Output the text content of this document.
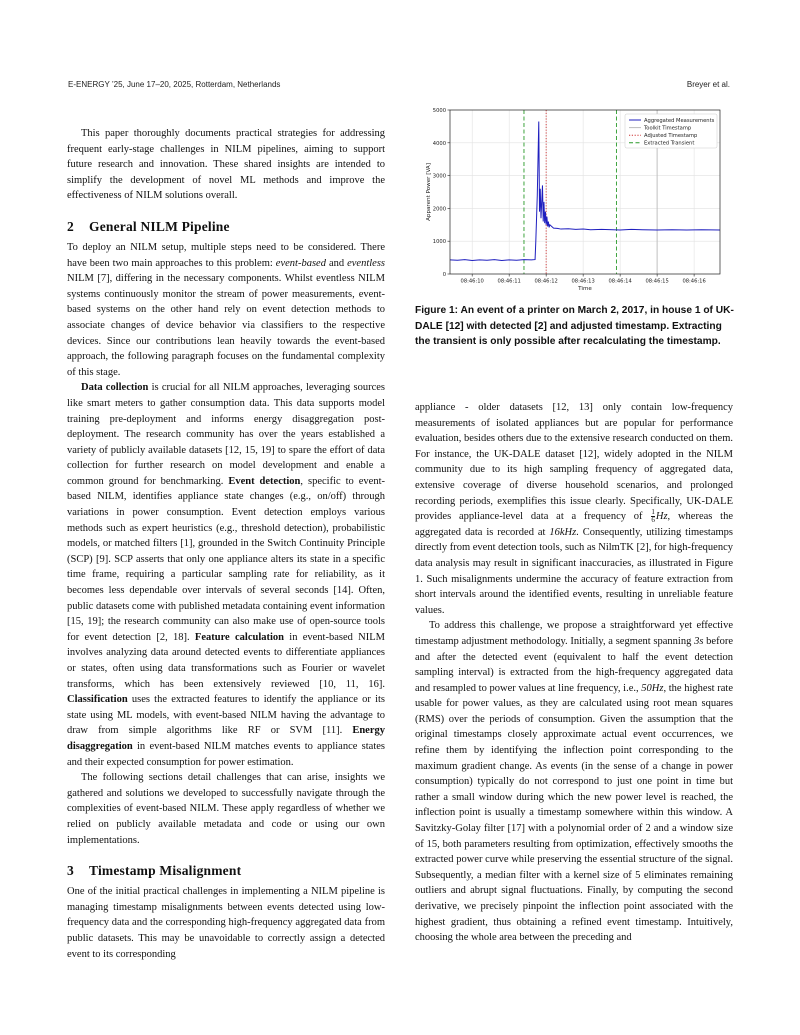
E-ENERGY ’25, June 17–20, 2025, Rotterdam, Netherlands	Breyer et al.

This paper thoroughly documents practical strategies for addressing frequent early-stage challenges in NILM pipelines, aiming to support future research and innovation. These shared insights are intended to simplify the development of novel ML methods and improve the effectiveness of NILM solutions overall.

2 General NILM Pipeline

To deploy an NILM setup, multiple steps need to be considered. There have been two main approaches to this problem: event-based and eventless NILM [7], differing in the necessary components. Whilst eventless NILM systems continuously monitor the stream of power measurements, event-based systems on the other hand rely on event detection methods to associate changes of device behavior via classifiers to the respective devices. Since our contributions lean heavily towards the event-based approach, the following paragraph focuses on the fundamental complexity of this stage.

Data collection is crucial for all NILM approaches, leveraging sources like smart meters to gather consumption data. This data supports model training pre-deployment and informs energy disaggregation post-deployment. The research community has over the years established a variety of publicly available datasets [12, 15, 19] to spare the effort of data collection for further research on model development and enable a common ground for benchmarking. Event detection, specific to event-based NILM, identifies appliance state changes (e.g., on/off) through variations in power consumption. Event detection employs various methods such as expert heuristics (e.g., threshold detection), probabilistic models, or matched filters [1], grounded in the Switch Continuity Principle (SCP) [9]. SCP asserts that only one appliance alters its state in a specific time frame, requiring a particular sampling rate for reliability, as it becomes less dependable over intervals of several seconds [14]. Often, public datasets come with published metadata containing event information [15, 19]; the research community can also make use of open-source tools for event detection [2, 18]. Feature calculation in event-based NILM involves analyzing data around detected events to differentiate appliances or states, often using data transformations such as Fourier or wavelet transforms, which has been extensively reviewed [10, 11, 16]. Classification uses the extracted features to identify the appliance or its state using ML models, with event-based NILM having the advantage to draw from simple algorithms like RF or SVM [11]. Energy disaggregation in event-based NILM matches events to appliance states and their expected consumption for power estimation.

The following sections detail challenges that can arise, insights we gathered and solutions we developed to successfully navigate through the complexities of event-based NILM. These apply regardless of whether we relied on publicly available metadata and code or using our own implementations.

3 Timestamp Misalignment

One of the initial practical challenges in implementing a NILM pipeline is managing timestamp misalignments between events detected using low-frequency data and the corresponding high-frequency aggregated data from public datasets. This may be unavoidable to correctly assign a detected event to its corresponding

0
1000
2000
3000
4000
5000
08:46:10	08:46:11	08:46:12	08:46:13	08:46:14	08:46:15	08:46:16
Time
Apparent Power [VA]
Aggregated Measurements
Toolkit Timestamp
Adjusted Timestamp
Extracted Transient
Figure 1: An event of a printer on March 2, 2017, in house 1 of UK-DALE [12] with detected [2] and adjusted timestamp. Extracting the transient is only possible after recalculating the timestamp.

appliance - older datasets [12, 13] only contain low-frequency measurements of isolated appliances but are popular for performance evaluation, besides others due to the extensive research conducted on them. For instance, the UK-DALE dataset [12], widely adopted in the NILM community due to its high sampling frequency of aggregated data, extensive coverage of diverse household scenarios, and prolonged recording periods, exemplifies this issue clearly. Specifically, UK-DALE provides appliance-level data at a frequency of $\frac{1}{6} Hz$, whereas the aggregated data is recorded at 16kHz. Consequently, utilizing timestamps directly from event detection tools, such as NilmTK [2], for high-frequency data analysis may result in significant inaccuracies, as illustrated in Figure 1. Such misalignments undermine the accuracy of feature extraction from short intervals around the identified events, resulting in unreliable feature values.

To address this challenge, we propose a straightforward yet effective timestamp adjustment methodology. Initially, a segment spanning 3s before and after the detected event (equivalent to half the event detection sampling interval) is extracted from the high-frequency aggregated data and resampled to power values at line frequency, i.e., 50Hz, the highest rate usable for power values, as they are calculated using root mean squares (RMS) over the periods of consumption. Given the assumption that the original timestamps closely approximate actual event occurrences, we refine them by identifying the inflection point corresponding to the maximum gradient change. As events (in the sense of a change in power consumption) typically do not correspond to just one point in time but rather a small window during which the new power level is reached, the inflection point is usually a timestamp somewhere within this window. A Savitzky-Golay filter [17] with a polynomial order of 2 and a window size of 15, both parameters resulting from optimization, effectively smooths the extracted power curve while preserving the essential structure of the signal. Subsequently, a median filter with a kernel size of 5 eliminates remaining outliers and abrupt signal fluctuations. Finally, by computing the second derivative, we precisely pinpoint the inflection point associated with the highest gradient, thus obtaining a refined event timestamp. Intuitively, choosing the whole area between the preceding and
